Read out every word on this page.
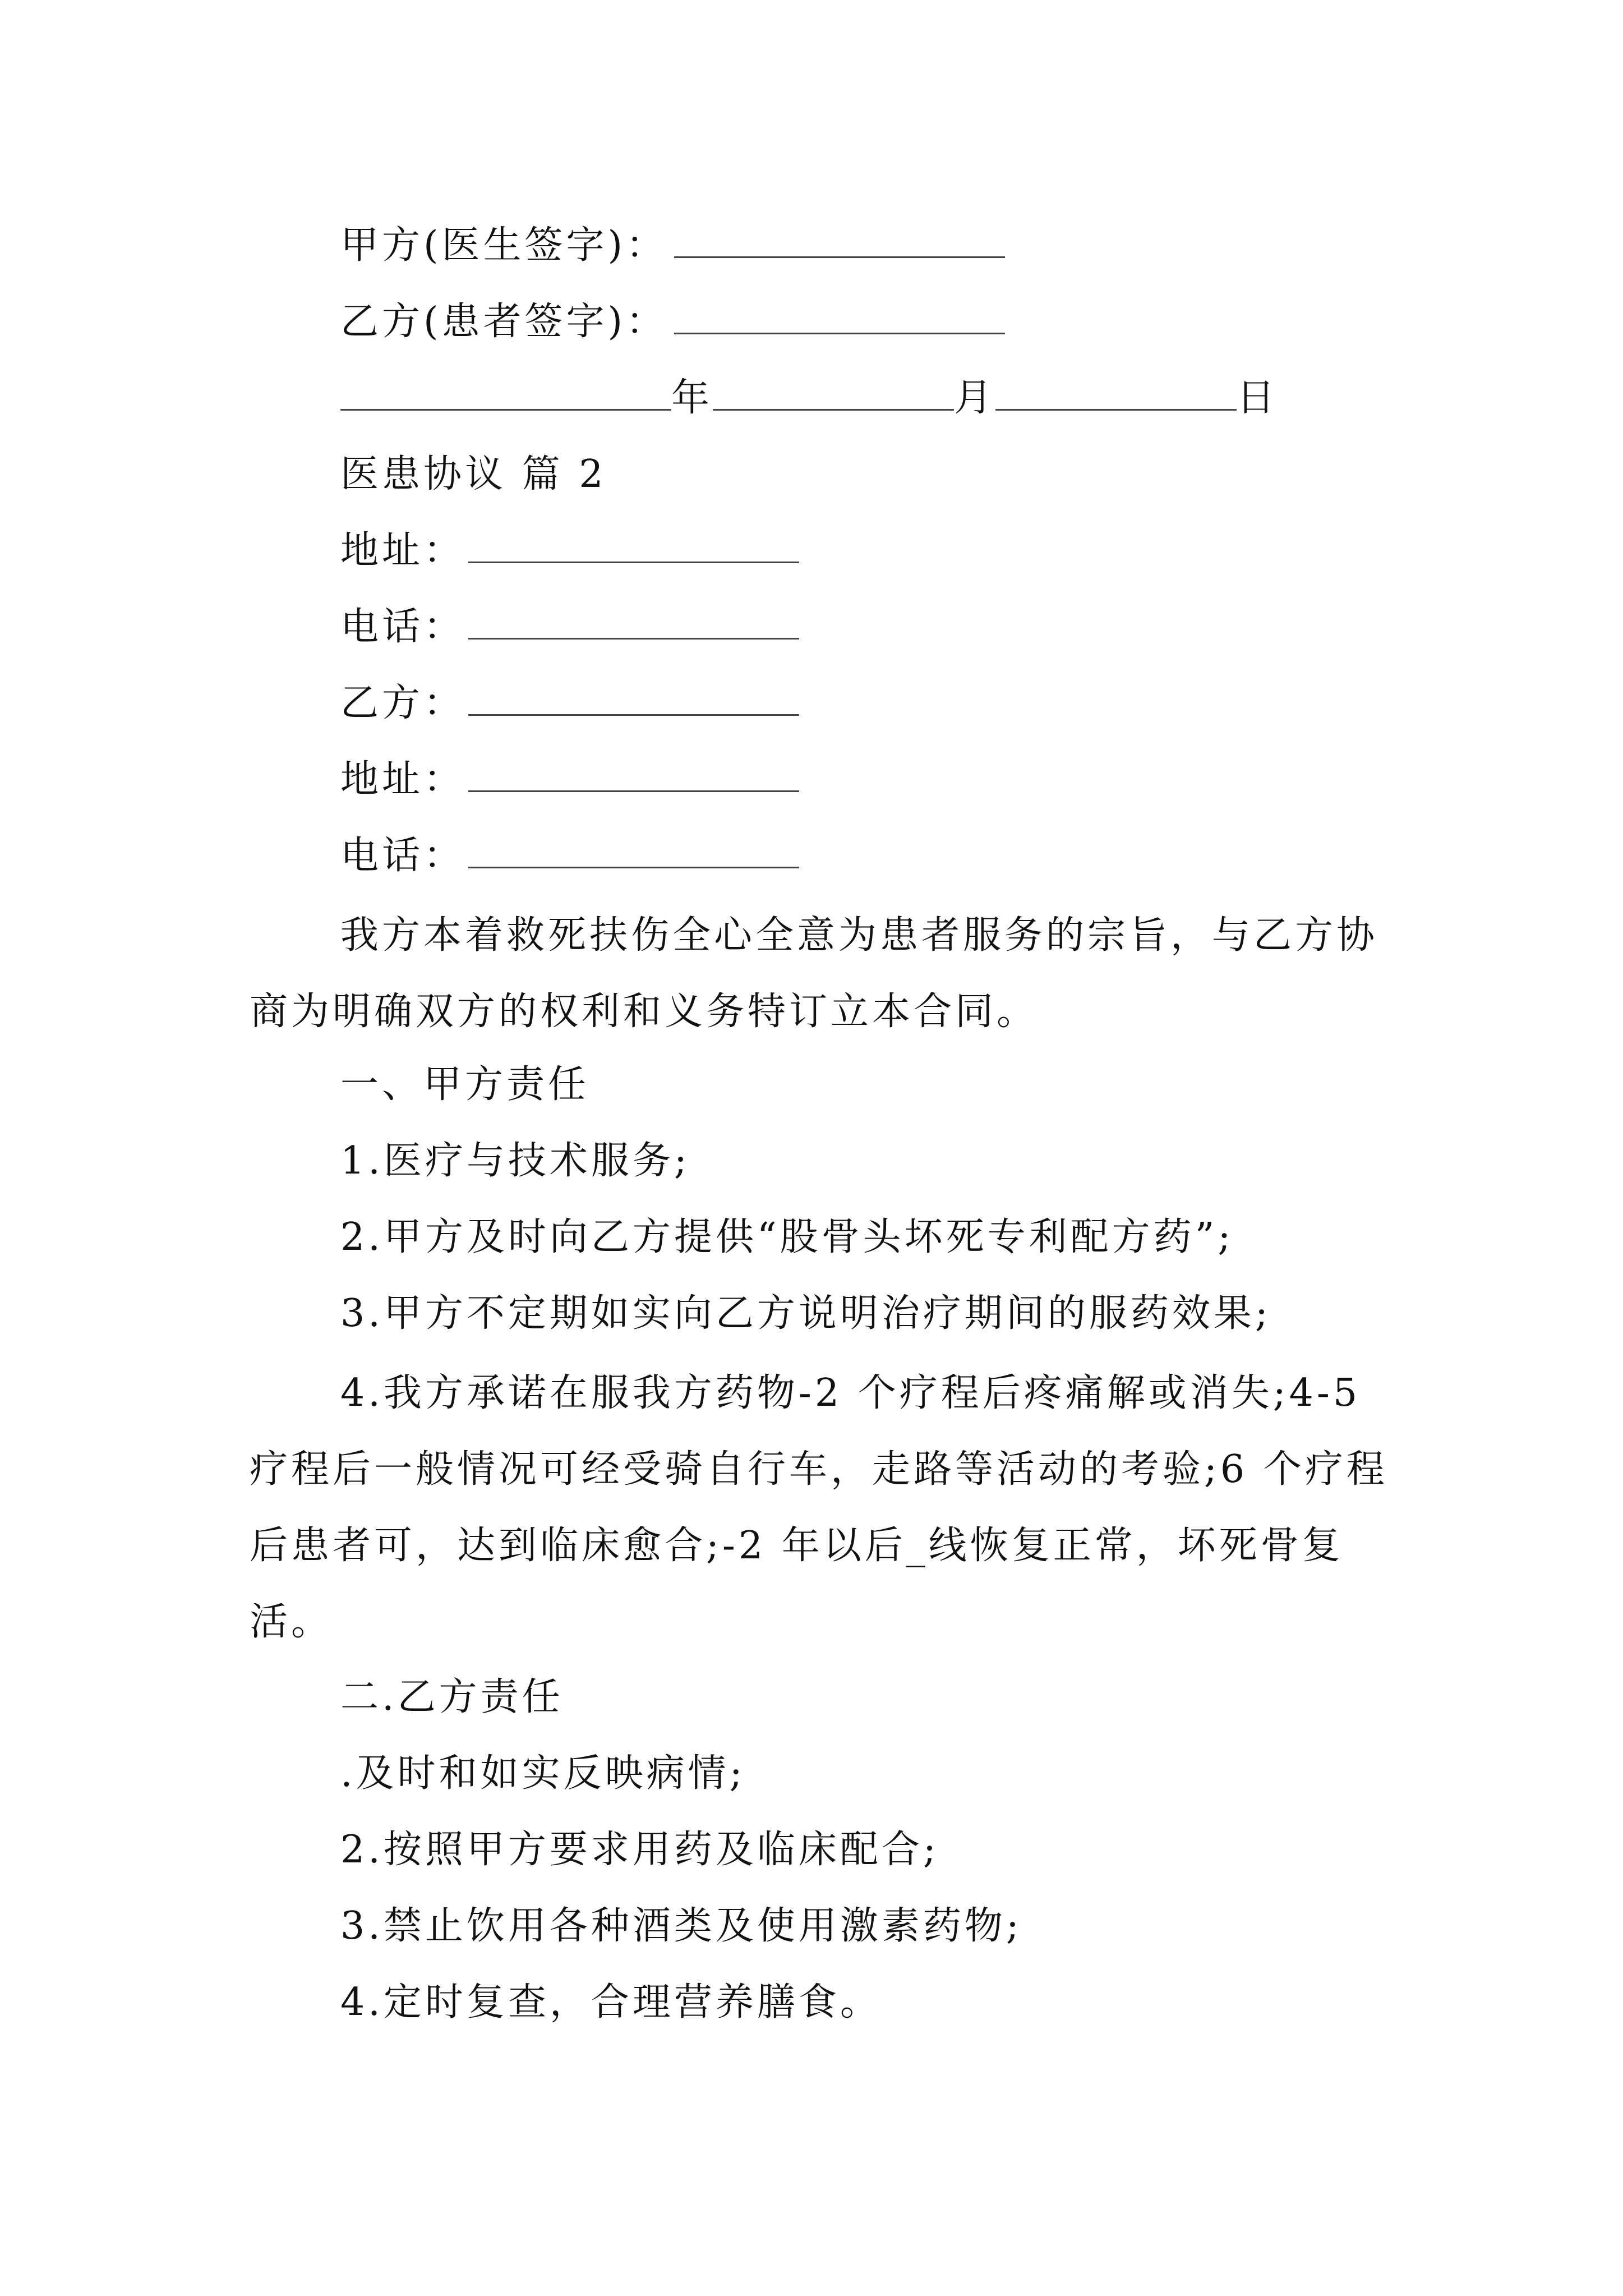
甲方(医生签字)：
乙方(患者签字)：
年	月	日
医患协议 篇 2
地址：
电话：
乙方：
地址：
电话：
我方本着救死扶伤全心全意为患者服务的宗旨，与乙方协商为明确双方的权利和义务特订立本合同。
一、甲方责任
1.医疗与技术服务;
2.甲方及时向乙方提供“股骨头坏死专利配方药”;
3.甲方不定期如实向乙方说明治疗期间的服药效果;
4.我方承诺在服我方药物-2 个疗程后疼痛解或消失;4-5 疗程后一般情况可经受骑自行车，走路等活动的考验;6 个疗程后患者可，达到临床愈合;-2 年以后_线恢复正常，坏死骨复活。
二.乙方责任
.及时和如实反映病情;
2.按照甲方要求用药及临床配合;
3.禁止饮用各种酒类及使用激素药物;
4.定时复查，合理营养膳食。
